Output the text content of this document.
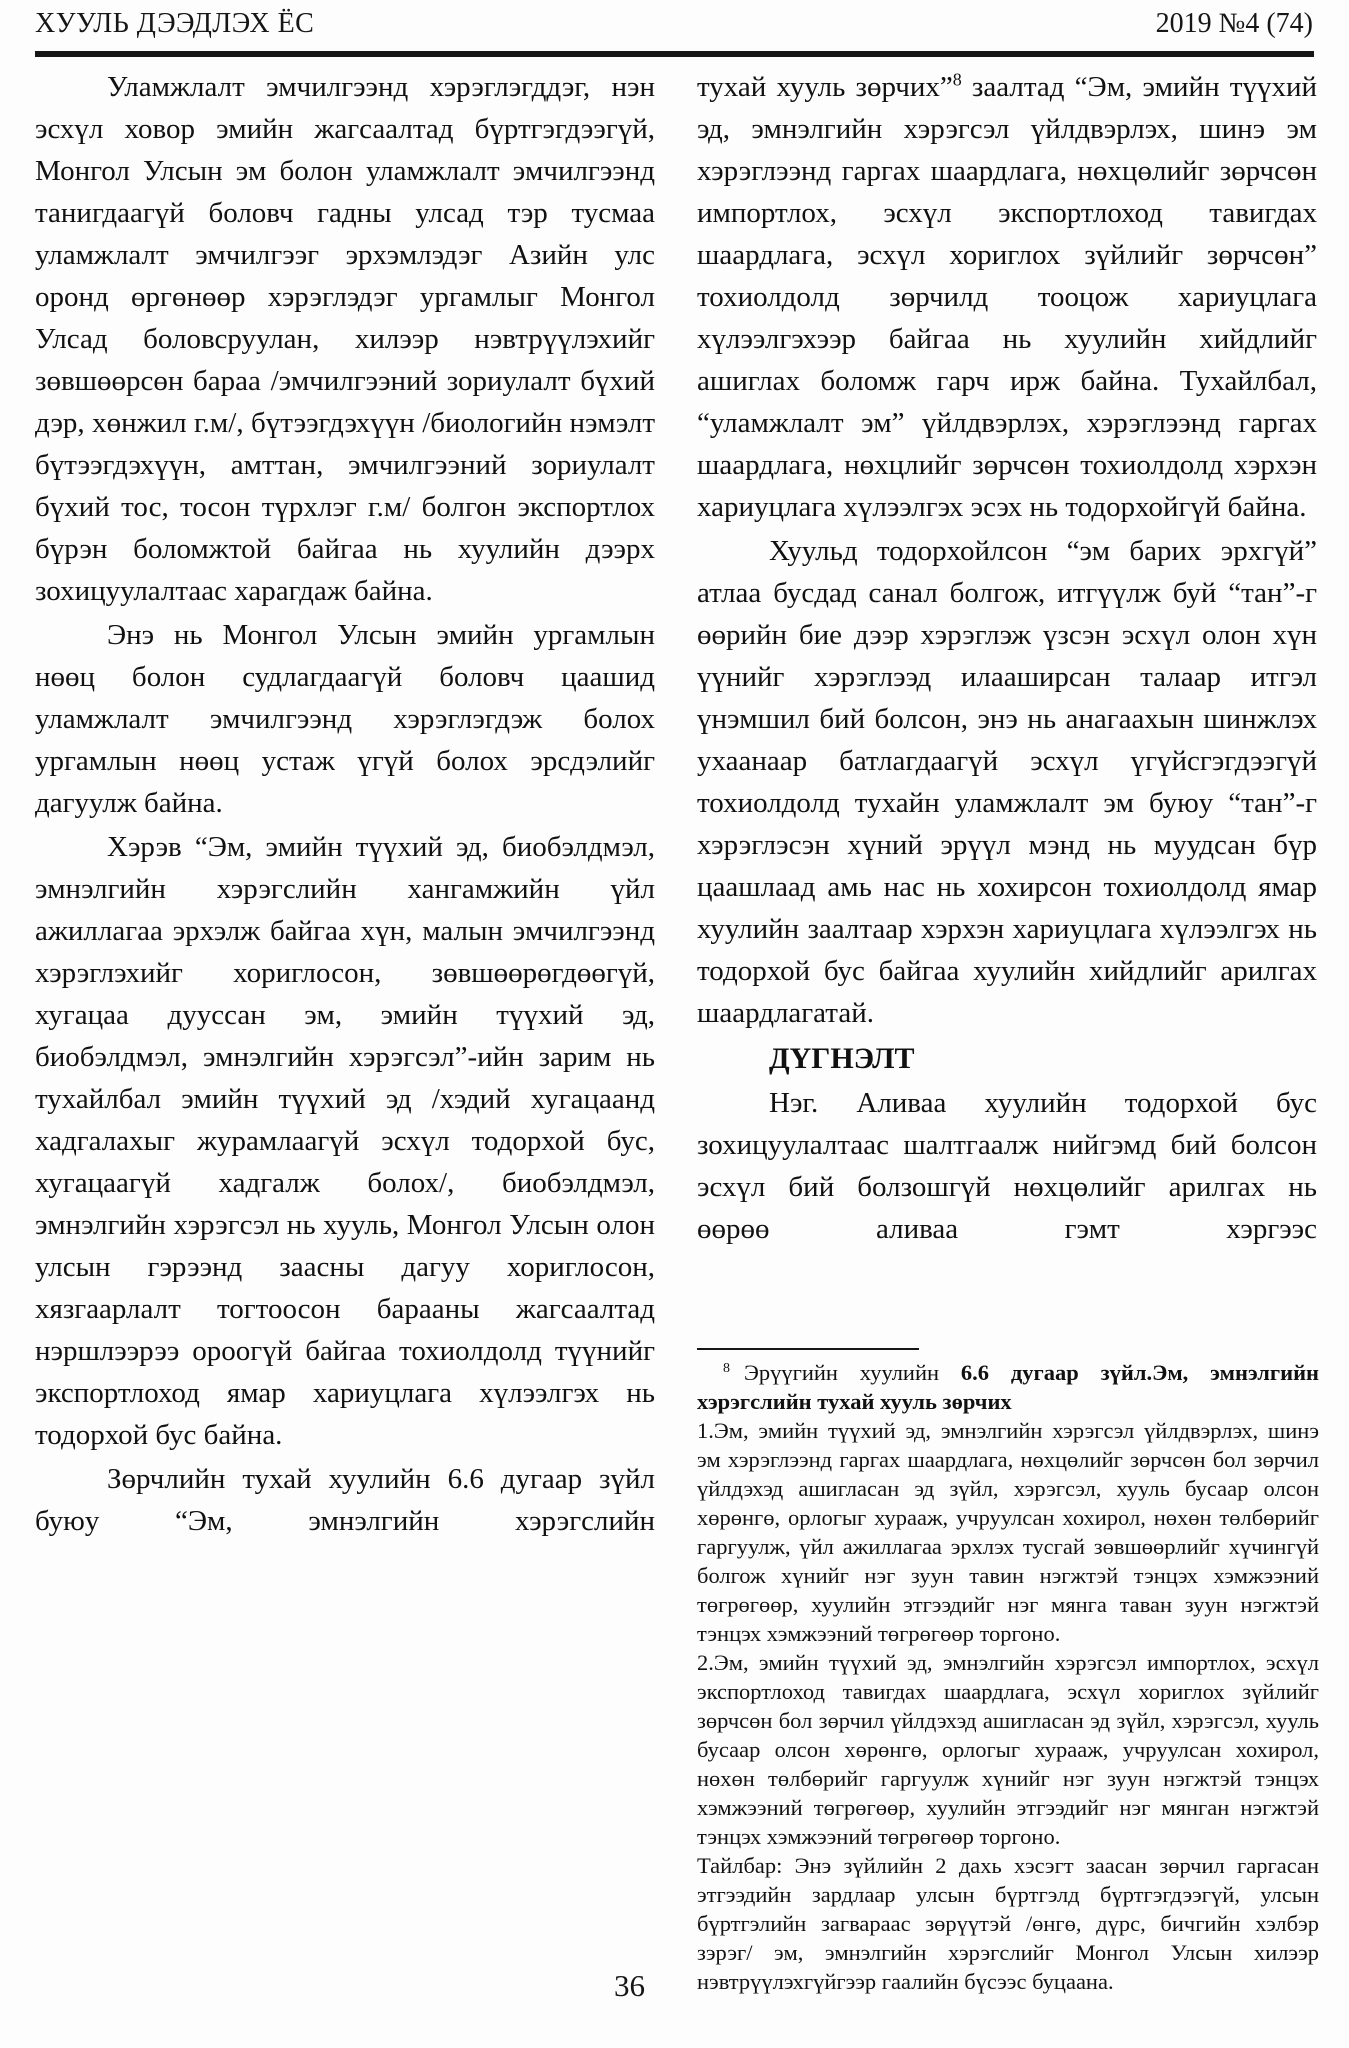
ХУУЛЬ ДЭЭДЛЭХ ЁС	2019 №4 (74)

Уламжлалт эмчилгээнд хэрэглэгддэг, нэн эсхүл ховор эмийн жагсаалтад бүртгэгдээгүй, Монгол Улсын эм болон уламжлалт эмчилгээнд танигдаагүй боловч гадны улсад тэр тусмаа уламжлалт эмчилгээг эрхэмлэдэг Азийн улс оронд өргөнөөр хэрэглэдэг ургамлыг Монгол Улсад боловсруулан, хилээр нэвтрүүлэхийг зөвшөөрсөн бараа /эмчилгээний зориулалт бүхий дэр, хөнжил г.м/, бүтээгдэхүүн /биологийн нэмэлт бүтээгдэхүүн, амттан, эмчилгээний зориулалт бүхий тос, тосон түрхлэг г.м/ болгон экспортлох бүрэн боломжтой байгаа нь хуулийн дээрх зохицуулалтаас харагдаж байна.

Энэ нь Монгол Улсын эмийн ургамлын нөөц болон судлагдаагүй боловч цаашид уламжлалт эмчилгээнд хэрэглэгдэж болох ургамлын нөөц устаж үгүй болох эрсдэлийг дагуулж байна.

Хэрэв “Эм, эмийн түүхий эд, биобэлдмэл, эмнэлгийн хэрэгслийн хангамжийн үйл ажиллагаа эрхэлж байгаа хүн, малын эмчилгээнд хэрэглэхийг хориглосон, зөвшөөрөгдөөгүй, хугацаа дууссан эм, эмийн түүхий эд, биобэлдмэл, эмнэлгийн хэрэгсэл”-ийн зарим нь тухайлбал эмийн түүхий эд /хэдий хугацаанд хадгалахыг журамлаагүй эсхүл тодорхой бус, хугацаагүй хадгалж болох/, биобэлдмэл, эмнэлгийн хэрэгсэл нь хууль, Монгол Улсын олон улсын гэрээнд заасны дагуу хориглосон, хязгаарлалт тогтоосон барааны жагсаалтад нэршлээрээ ороогүй байгаа тохиолдолд түүнийг экспортлоход ямар хариуцлага хүлээлгэх нь тодорхой бус байна.

Зөрчлийн тухай хуулийн 6.6 дугаар зүйл буюу “Эм, эмнэлгийн хэрэгслийн

тухай хууль зөрчих”$^8$ заалтад “Эм, эмийн түүхий эд, эмнэлгийн хэрэгсэл үйлдвэрлэх, шинэ эм хэрэглээнд гаргах шаардлага, нөхцөлийг зөрчсөн импортлох, эсхүл экспортлоход тавигдах шаардлага, эсхүл хориглох зүйлийг зөрчсөн” тохиолдолд зөрчилд тооцож хариуцлага хүлээлгэхээр байгаа нь хуулийн хийдлийг ашиглах боломж гарч ирж байна. Тухайлбал, “уламжлалт эм” үйлдвэрлэх, хэрэглээнд гаргах шаардлага, нөхцлийг зөрчсөн тохиолдолд хэрхэн хариуцлага хүлээлгэх эсэх нь тодорхойгүй байна.

Хуульд тодорхойлсон “эм барих эрхгүй” атлаа бусдад санал болгож, итгүүлж буй “тан”-г өөрийн бие дээр хэрэглэж үзсэн эсхүл олон хүн үүнийг хэрэглээд илааширсан талаар итгэл үнэмшил бий болсон, энэ нь анагаахын шинжлэх ухаанаар батлагдаагүй эсхүл үгүйсгэгдээгүй тохиолдолд тухайн уламжлалт эм буюу “тан”-г хэрэглэсэн хүний эрүүл мэнд нь муудсан бүр цаашлаад амь нас нь хохирсон тохиолдолд ямар хуулийн заалтаар хэрхэн хариуцлага хүлээлгэх нь тодорхой бус байгаа хуулийн хийдлийг арилгах шаардлагатай.

ДҮГНЭЛТ

Нэг. Аливаа хуулийн тодорхой бус зохицуулалтаас шалтгаалж нийгэмд бий болсон эсхүл бий болзошгүй нөхцөлийг арилгах нь өөрөө аливаа гэмт хэргээс

$^8$ Эрүүгийн хуулийн 6.6 дугаар зүйл.Эм, эмнэлгийн хэрэгслийн тухай хууль зөрчих

1.Эм, эмийн түүхий эд, эмнэлгийн хэрэгсэл үйлдвэрлэх, шинэ эм хэрэглээнд гаргах шаардлага, нөхцөлийг зөрчсөн бол зөрчил үйлдэхэд ашигласан эд зүйл, хэрэгсэл, хууль бусаар олсон хөрөнгө, орлогыг хурааж, учруулсан хохирол, нөхөн төлбөрийг гаргуулж, үйл ажиллагаа эрхлэх тусгай зөвшөөрлийг хүчингүй болгож хүнийг нэг зуун тавин нэгжтэй тэнцэх хэмжээний төгрөгөөр, хуулийн этгээдийг нэг мянга таван зуун нэгжтэй тэнцэх хэмжээний төгрөгөөр торгоно.

2.Эм, эмийн түүхий эд, эмнэлгийн хэрэгсэл импортлох, эсхүл экспортлоход тавигдах шаардлага, эсхүл хориглох зүйлийг зөрчсөн бол зөрчил үйлдэхэд ашигласан эд зүйл, хэрэгсэл, хууль бусаар олсон хөрөнгө, орлогыг хурааж, учруулсан хохирол, нөхөн төлбөрийг гаргуулж хүнийг нэг зуун нэгжтэй тэнцэх хэмжээний төгрөгөөр, хуулийн этгээдийг нэг мянган нэгжтэй тэнцэх хэмжээний төгрөгөөр торгоно.

Тайлбар: Энэ зүйлийн 2 дахь хэсэгт заасан зөрчил гаргасан этгээдийн зардлаар улсын бүртгэлд бүртгэгдээгүй, улсын бүртгэлийн загвараас зөрүүтэй /өнгө, дүрс, бичгийн хэлбэр зэрэг/ эм, эмнэлгийн хэрэгслийг Монгол Улсын хилээр нэвтрүүлэхгүйгээр гаалийн бүсээс буцаана.

36
